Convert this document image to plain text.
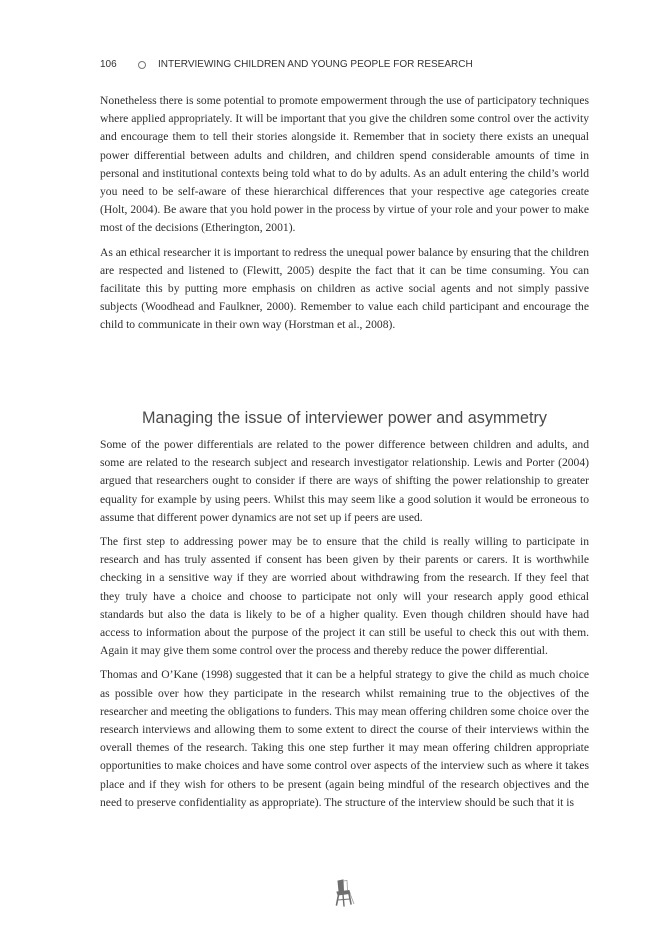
106	INTERVIEWING CHILDREN AND YOUNG PEOPLE FOR RESEARCH

Nonetheless there is some potential to promote empowerment through the use of participatory techniques where applied appropriately. It will be important that you give the children some control over the activity and encourage them to tell their stories alongside it. Remember that in society there exists an unequal power differential between adults and children, and children spend considerable amounts of time in personal and institutional contexts being told what to do by adults. As an adult entering the child’s world you need to be self-aware of these hierarchical differences that your respective age categories create (Holt, 2004). Be aware that you hold power in the process by virtue of your role and your power to make most of the decisions (Etherington, 2001).

As an ethical researcher it is important to redress the unequal power balance by ensuring that the children are respected and listened to (Flewitt, 2005) despite the fact that it can be time consuming. You can facilitate this by putting more emphasis on children as active social agents and not simply passive subjects (Woodhead and Faulkner, 2000). Remember to value each child participant and encourage the child to communicate in their own way (Horstman et al., 2008).

Managing the issue of interviewer power and asymmetry

Some of the power differentials are related to the power difference between children and adults, and some are related to the research subject and research investigator relationship. Lewis and Porter (2004) argued that researchers ought to consider if there are ways of shifting the power relationship to greater equality for example by using peers. Whilst this may seem like a good solution it would be erroneous to assume that different power dynamics are not set up if peers are used.

The first step to addressing power may be to ensure that the child is really willing to participate in research and has truly assented if consent has been given by their parents or carers. It is worthwhile checking in a sensitive way if they are worried about withdrawing from the research. If they feel that they truly have a choice and choose to participate not only will your research apply good ethical standards but also the data is likely to be of a higher quality. Even though children should have had access to information about the purpose of the project it can still be useful to check this out with them. Again it may give them some control over the process and thereby reduce the power differential.

Thomas and O’Kane (1998) suggested that it can be a helpful strategy to give the child as much choice as possible over how they participate in the research whilst remaining true to the objectives of the researcher and meeting the obligations to funders. This may mean offering children some choice over the research interviews and allowing them to some extent to direct the course of their interviews within the overall themes of the research. Taking this one step further it may mean offering children appropriate opportunities to make choices and have some control over aspects of the interview such as where it takes place and if they wish for others to be present (again being mindful of the research objectives and the need to preserve confidentiality as appropriate). The structure of the interview should be such that it is
